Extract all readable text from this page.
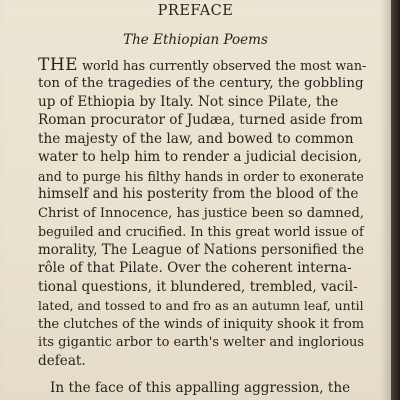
PREFACE
The Ethiopian Poems
THE world has currently observed the most wan-
ton of the tragedies of the century, the gobbling
up of Ethiopia by Italy. Not since Pilate, the
Roman procurator of Judæa, turned aside from
the majesty of the law, and bowed to common
water to help him to render a judicial decision,
and to purge his filthy hands in order to exonerate
himself and his posterity from the blood of the
Christ of Innocence, has justice been so damned,
beguiled and crucified. In this great world issue of
morality, The League of Nations personified the
rôle of that Pilate. Over the coherent interna-
tional questions, it blundered, trembled, vacil-
lated, and tossed to and fro as an autumn leaf, until
the clutches of the winds of iniquity shook it from
its gigantic arbor to earth's welter and inglorious
defeat.
In the face of this appalling aggression, the
